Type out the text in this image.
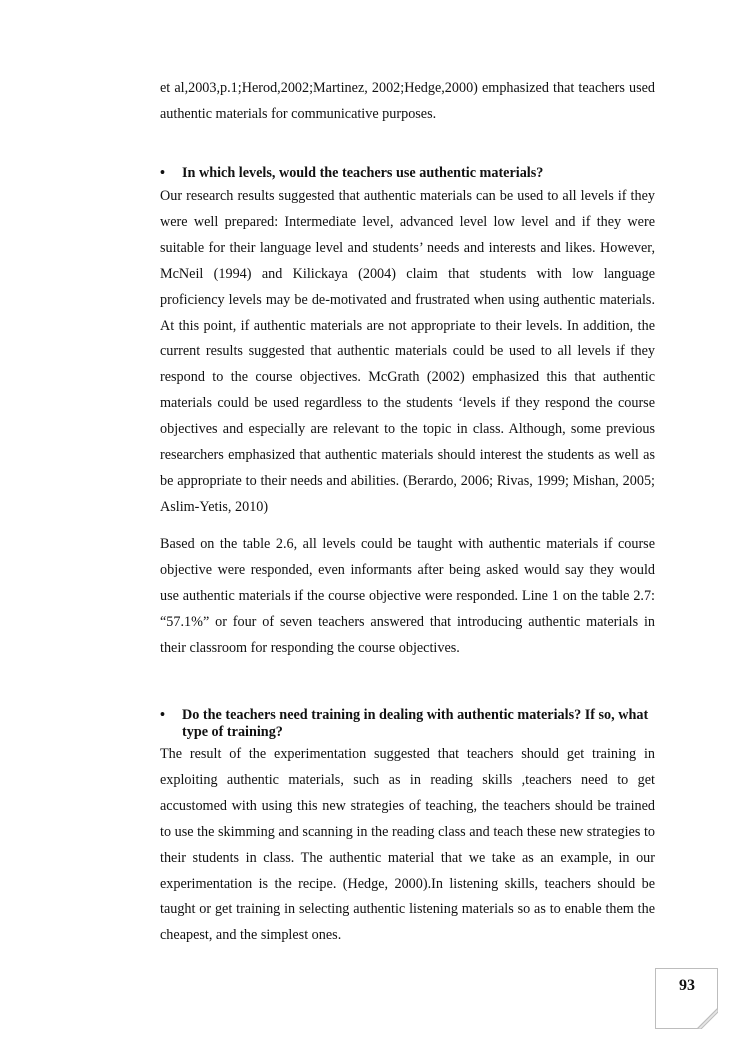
et al,2003,p.1;Herod,2002;Martinez, 2002;Hedge,2000) emphasized that teachers used authentic materials for communicative purposes.

• In which levels, would the teachers use authentic materials?

Our research results suggested that authentic materials can be used to all levels if they were well prepared: Intermediate level, advanced level low level and if they were suitable for their language level and students’ needs and interests and likes. However, McNeil (1994) and Kilickaya (2004) claim that students with low language proficiency levels may be de-motivated and frustrated when using authentic materials. At this point, if authentic materials are not appropriate to their levels. In addition, the current results suggested that authentic materials could be used to all levels if they respond to the course objectives. McGrath (2002) emphasized this that authentic materials could be used regardless to the students ‘levels if they respond the course objectives and especially are relevant to the topic in class. Although, some previous researchers emphasized that authentic materials should interest the students as well as be appropriate to their needs and abilities. (Berardo, 2006; Rivas, 1999; Mishan, 2005; Aslim-Yetis, 2010)

Based on the table 2.6, all levels could be taught with authentic materials if course objective were responded, even informants after being asked would say they would use authentic materials if the course objective were responded. Line 1 on the table 2.7: “57.1%” or four of seven teachers answered that introducing authentic materials in their classroom for responding the course objectives.

• Do the teachers need training in dealing with authentic materials? If so, what type of training?

The result of the experimentation suggested that teachers should get training in exploiting authentic materials, such as in reading skills ,teachers need to get accustomed with using this new strategies of teaching, the teachers should be trained to use the skimming and scanning in the reading class and teach these new strategies to their students in class. The authentic material that we take as an example, in our experimentation is the recipe. (Hedge, 2000).In listening skills, teachers should be taught or get training in selecting authentic listening materials so as to enable them the cheapest, and the simplest ones.

93
